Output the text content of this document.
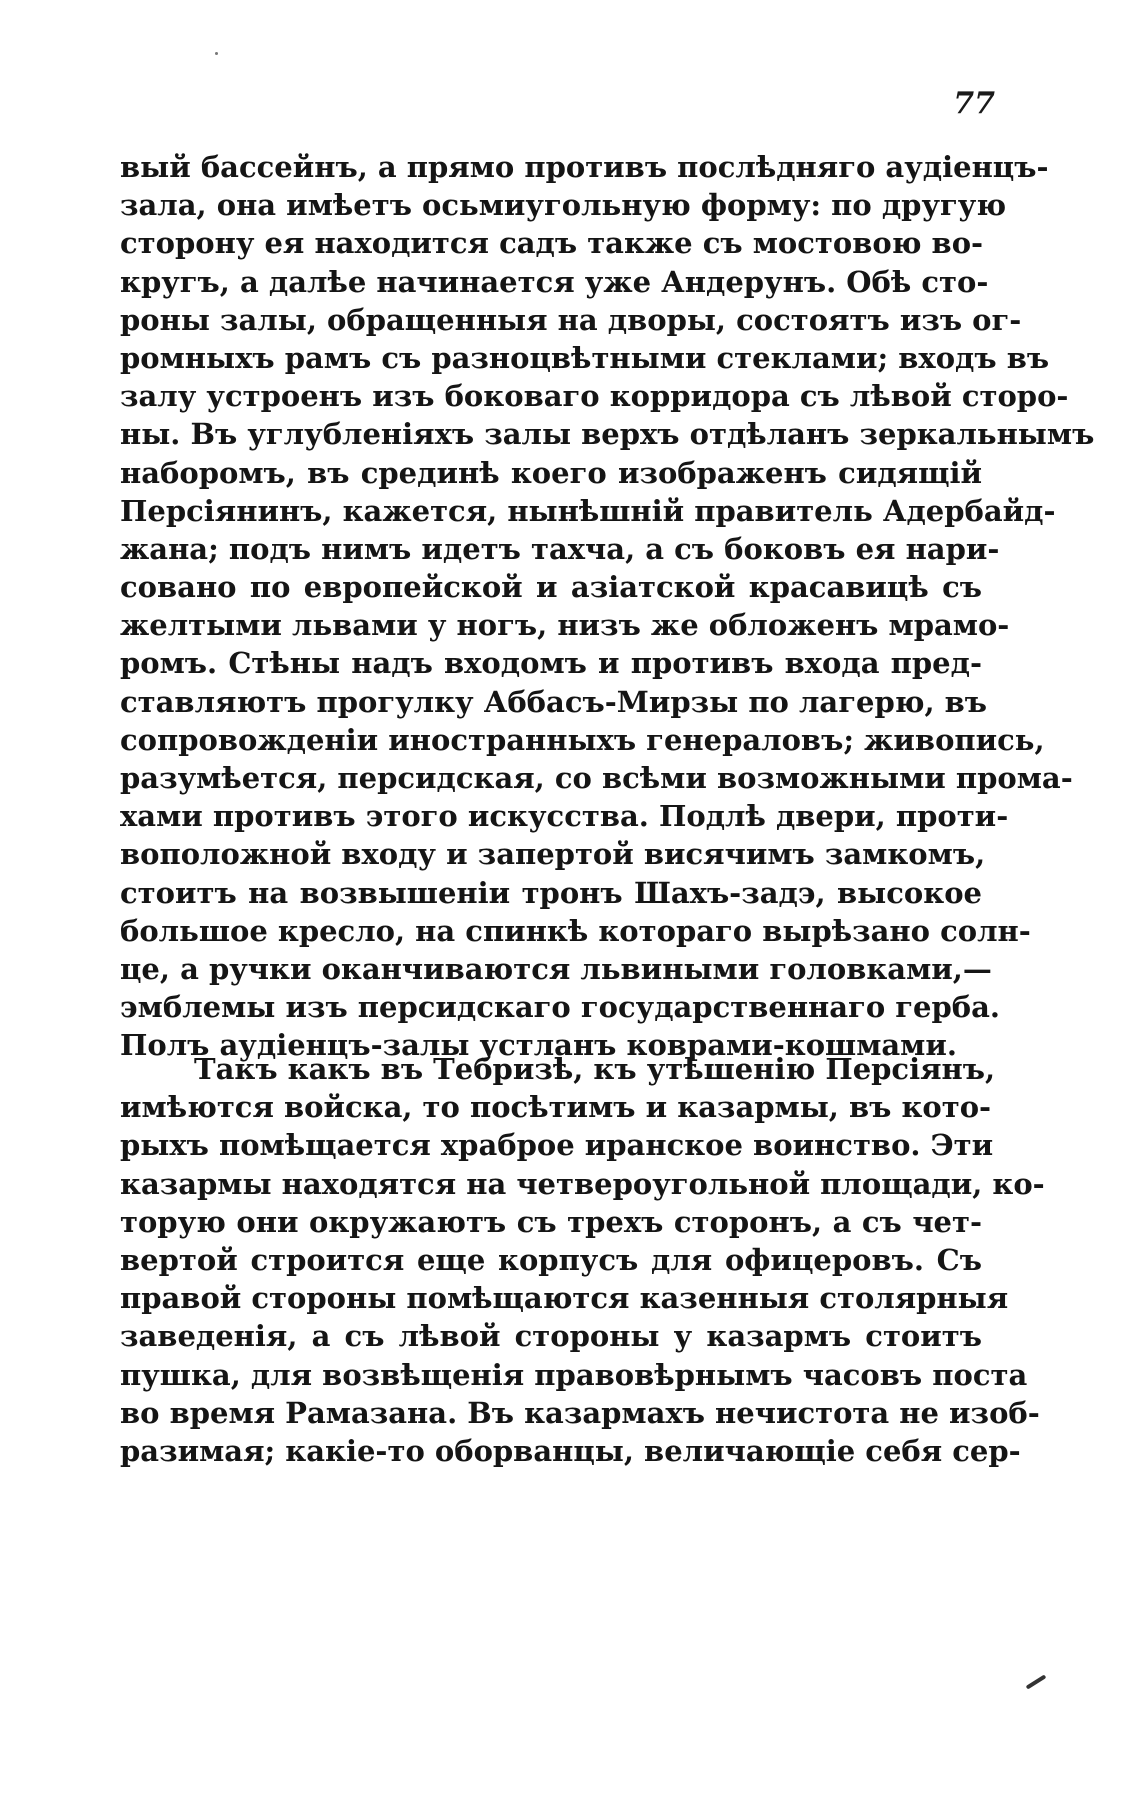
77
вый бассейнъ, а прямо противъ послѣдняго аудіенцъ-
зала, она имѣетъ осьмиугольную форму: по другую
сторону ея находится садъ также съ мостовою во-
кругъ, а далѣе начинается уже Андерунъ. Обѣ сто-
роны залы, обращенныя на дворы, состоятъ изъ ог-
ромныхъ рамъ съ разноцвѣтными стеклами; входъ въ
залу устроенъ изъ боковаго корридора съ лѣвой сторо-
ны. Въ углубленіяхъ залы верхъ отдѣланъ зеркальнымъ
наборомъ, въ срединѣ коего изображенъ сидящій
Персіянинъ, кажется, нынѣшній правитель Адербайд-
жана; подъ нимъ идетъ тахча, а съ боковъ ея нари-
совано по европейской и азіатской красавицѣ съ
желтыми львами у ногъ, низъ же обложенъ мрамо-
ромъ. Стѣны надъ входомъ и противъ входа пред-
ставляютъ прогулку Аббасъ-Мирзы по лагерю, въ
сопровожденіи иностранныхъ генераловъ; живопись,
разумѣется, персидская, со всѣми возможными прома-
хами противъ этого искусства. Подлѣ двери, проти-
воположной входу и запертой висячимъ замкомъ,
стоитъ на возвышеніи тронъ Шахъ-задэ, высокое
большое кресло, на спинкѣ котораго вырѣзано солн-
це, а ручки оканчиваются львиными головками,—
эмблемы изъ персидскаго государственнаго герба.
Полъ аудіенцъ-залы устланъ коврами-кошмами.
Такъ какъ въ Тебризѣ, къ утѣшенію Персіянъ,
имѣются войска, то посѣтимъ и казармы, въ кото-
рыхъ помѣщается храброе иранское воинство. Эти
казармы находятся на четвероугольной площади, ко-
торую они окружаютъ съ трехъ сторонъ, а съ чет-
вертой строится еще корпусъ для офицеровъ. Съ
правой стороны помѣщаются казенныя столярныя
заведенія, а съ лѣвой стороны у казармъ стоитъ
пушка, для возвѣщенія правовѣрнымъ часовъ поста
во время Рамазана. Въ казармахъ нечистота не изоб-
разимая; какіе-то оборванцы, величающіе себя сер-
